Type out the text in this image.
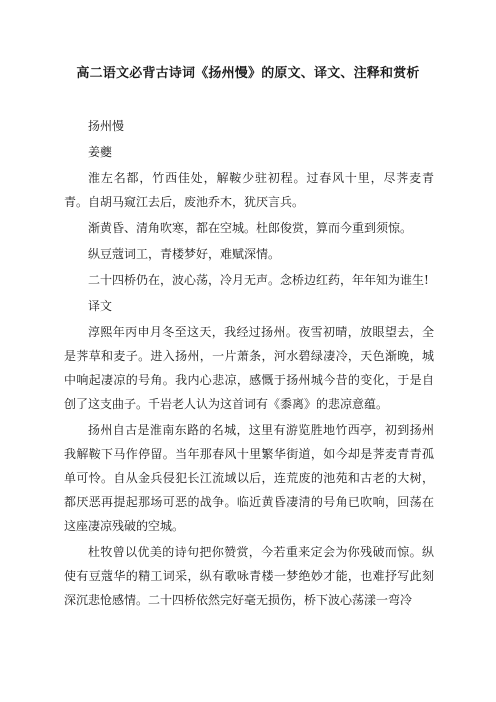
高二语文必背古诗词《扬州慢》的原文、译文、注释和赏析

扬州慢

姜夔

淮左名都，竹西佳处，解鞍少驻初程。过春风十里，尽荠麦青青。自胡马窥江去后，废池乔木，犹厌言兵。

渐黄昏、清角吹寒，都在空城。杜郎俊赏，算而今重到须惊。

纵豆蔻词工，青楼梦好，难赋深情。

二十四桥仍在，波心荡，冷月无声。念桥边红药，年年知为谁生!

译文

淳熙年丙申月冬至这天，我经过扬州。夜雪初晴，放眼望去，全是荠草和麦子。进入扬州，一片萧条，河水碧绿凄冷，天色渐晚，城中响起凄凉的号角。我内心悲凉，感慨于扬州城今昔的变化，于是自创了这支曲子。千岩老人认为这首词有《黍离》的悲凉意蕴。

扬州自古是淮南东路的名城，这里有游览胜地竹西亭，初到扬州我解鞍下马作停留。当年那春风十里繁华街道，如今却是荠麦青青孤单可怜。自从金兵侵犯长江流域以后，连荒废的池苑和古老的大树，都厌恶再提起那场可恶的战争。临近黄昏凄清的号角已吹响，回荡在这座凄凉残破的空城。

杜牧曾以优美的诗句把你赞赏，今若重来定会为你残破而惊。纵使有豆蔻华的精工词采，纵有歌咏青楼一梦绝妙才能，也难抒写此刻深沉悲怆感情。二十四桥依然完好毫无损伤，桥下波心荡漾一弯冷
